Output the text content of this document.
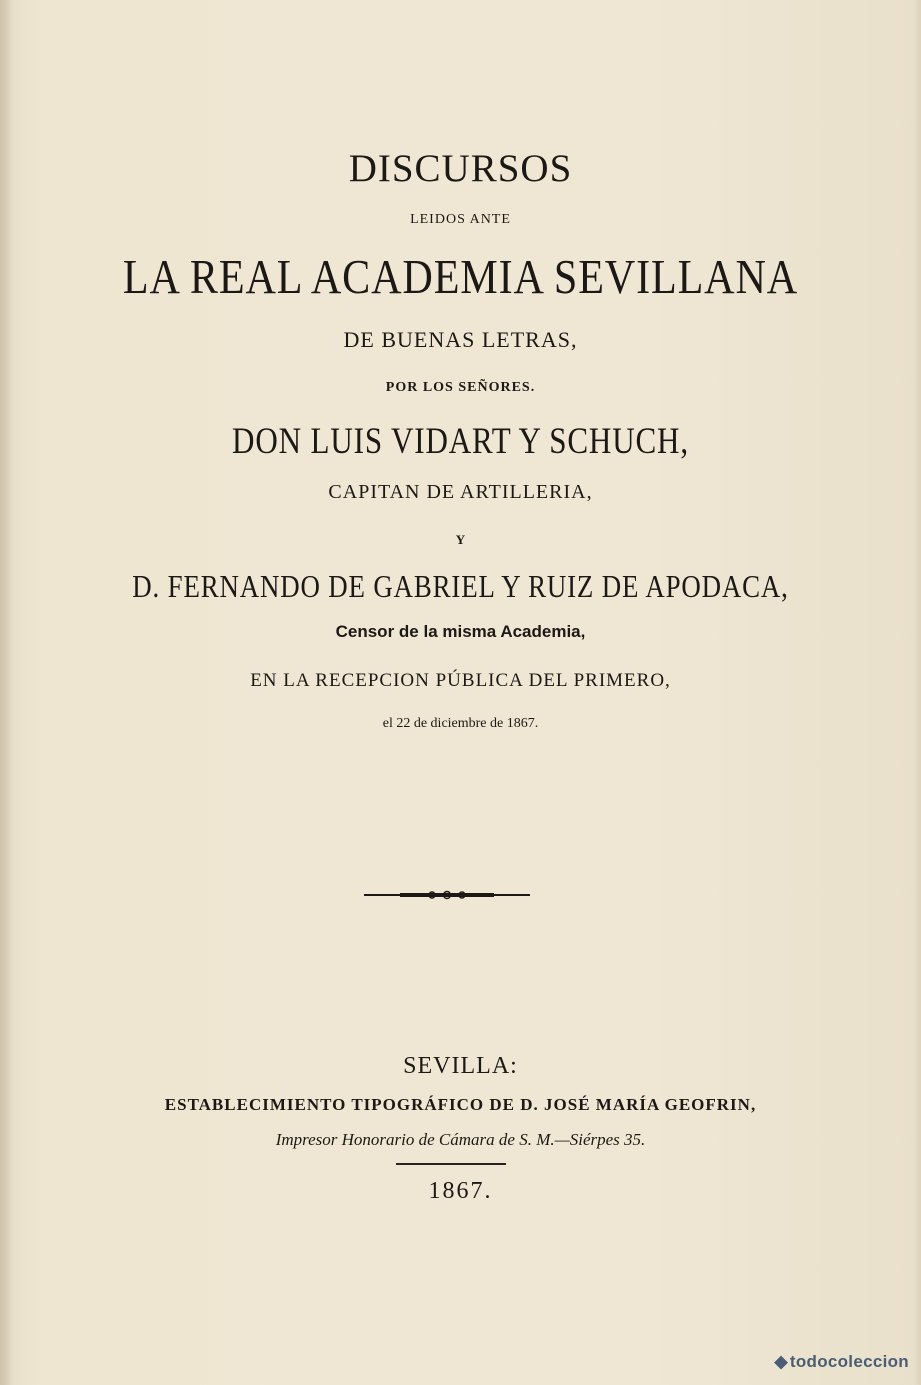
DISCURSOS
LEIDOS ANTE
LA REAL ACADEMIA SEVILLANA
DE BUENAS LETRAS,
POR LOS SEÑORES.
DON LUIS VIDART Y SCHUCH,
CAPITAN DE ARTILLERIA,
Y
D. FERNANDO DE GABRIEL Y RUIZ DE APODACA,
Censor de la misma Academia,
EN LA RECEPCION PÚBLICA DEL PRIMERO,
el 22 de diciembre de 1867.
SEVILLA:
ESTABLECIMIENTO TIPOGRÁFICO DE D. JOSÉ MARÍA GEOFRIN,
Impresor Honorario de Cámara de S. M.—Siérpes 35.
1867.
◆ todocoleccion
